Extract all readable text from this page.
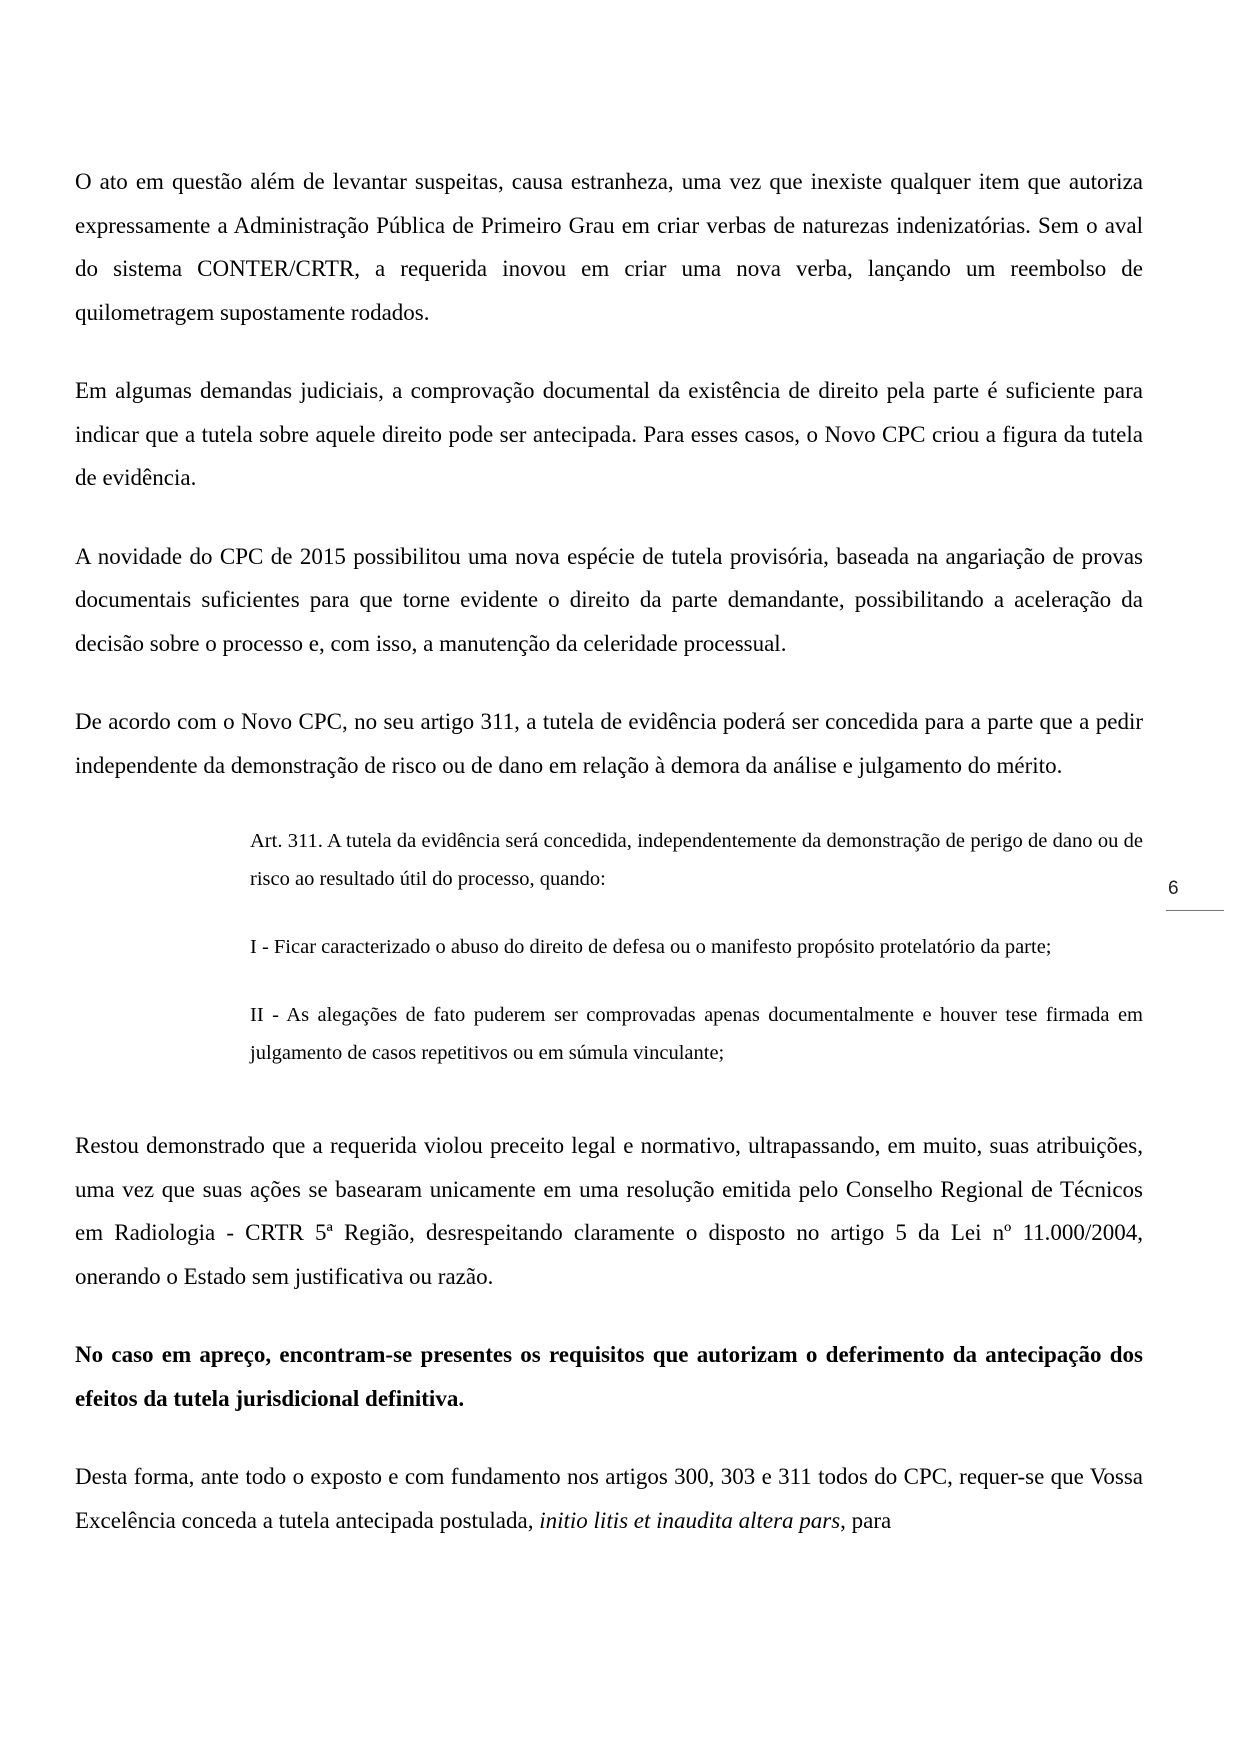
O ato em questão além de levantar suspeitas, causa estranheza, uma vez que inexiste qualquer item que autoriza expressamente a Administração Pública de Primeiro Grau em criar verbas de naturezas indenizatórias. Sem o aval do sistema CONTER/CRTR, a requerida inovou em criar uma nova verba, lançando um reembolso de quilometragem supostamente rodados.

Em algumas demandas judiciais, a comprovação documental da existência de direito pela parte é suficiente para indicar que a tutela sobre aquele direito pode ser antecipada. Para esses casos, o Novo CPC criou a figura da tutela de evidência.

A novidade do CPC de 2015 possibilitou uma nova espécie de tutela provisória, baseada na angariação de provas documentais suficientes para que torne evidente o direito da parte demandante, possibilitando a aceleração da decisão sobre o processo e, com isso, a manutenção da celeridade processual.

De acordo com o Novo CPC, no seu artigo 311, a tutela de evidência poderá ser concedida para a parte que a pedir independente da demonstração de risco ou de dano em relação à demora da análise e julgamento do mérito.

Art. 311. A tutela da evidência será concedida, independentemente da demonstração de perigo de dano ou de risco ao resultado útil do processo, quando:

I - Ficar caracterizado o abuso do direito de defesa ou o manifesto propósito protelatório da parte;

II - As alegações de fato puderem ser comprovadas apenas documentalmente e houver tese firmada em julgamento de casos repetitivos ou em súmula vinculante;

Restou demonstrado que a requerida violou preceito legal e normativo, ultrapassando, em muito, suas atribuições, uma vez que suas ações se basearam unicamente em uma resolução emitida pelo Conselho Regional de Técnicos em Radiologia - CRTR 5ª Região, desrespeitando claramente o disposto no artigo 5 da Lei nº 11.000/2004, onerando o Estado sem justificativa ou razão.

No caso em apreço, encontram-se presentes os requisitos que autorizam o deferimento da antecipação dos efeitos da tutela jurisdicional definitiva.

Desta forma, ante todo o exposto e com fundamento nos artigos 300, 303 e 311 todos do CPC, requer-se que Vossa Excelência conceda a tutela antecipada postulada, initio litis et inaudita altera pars, para

6
